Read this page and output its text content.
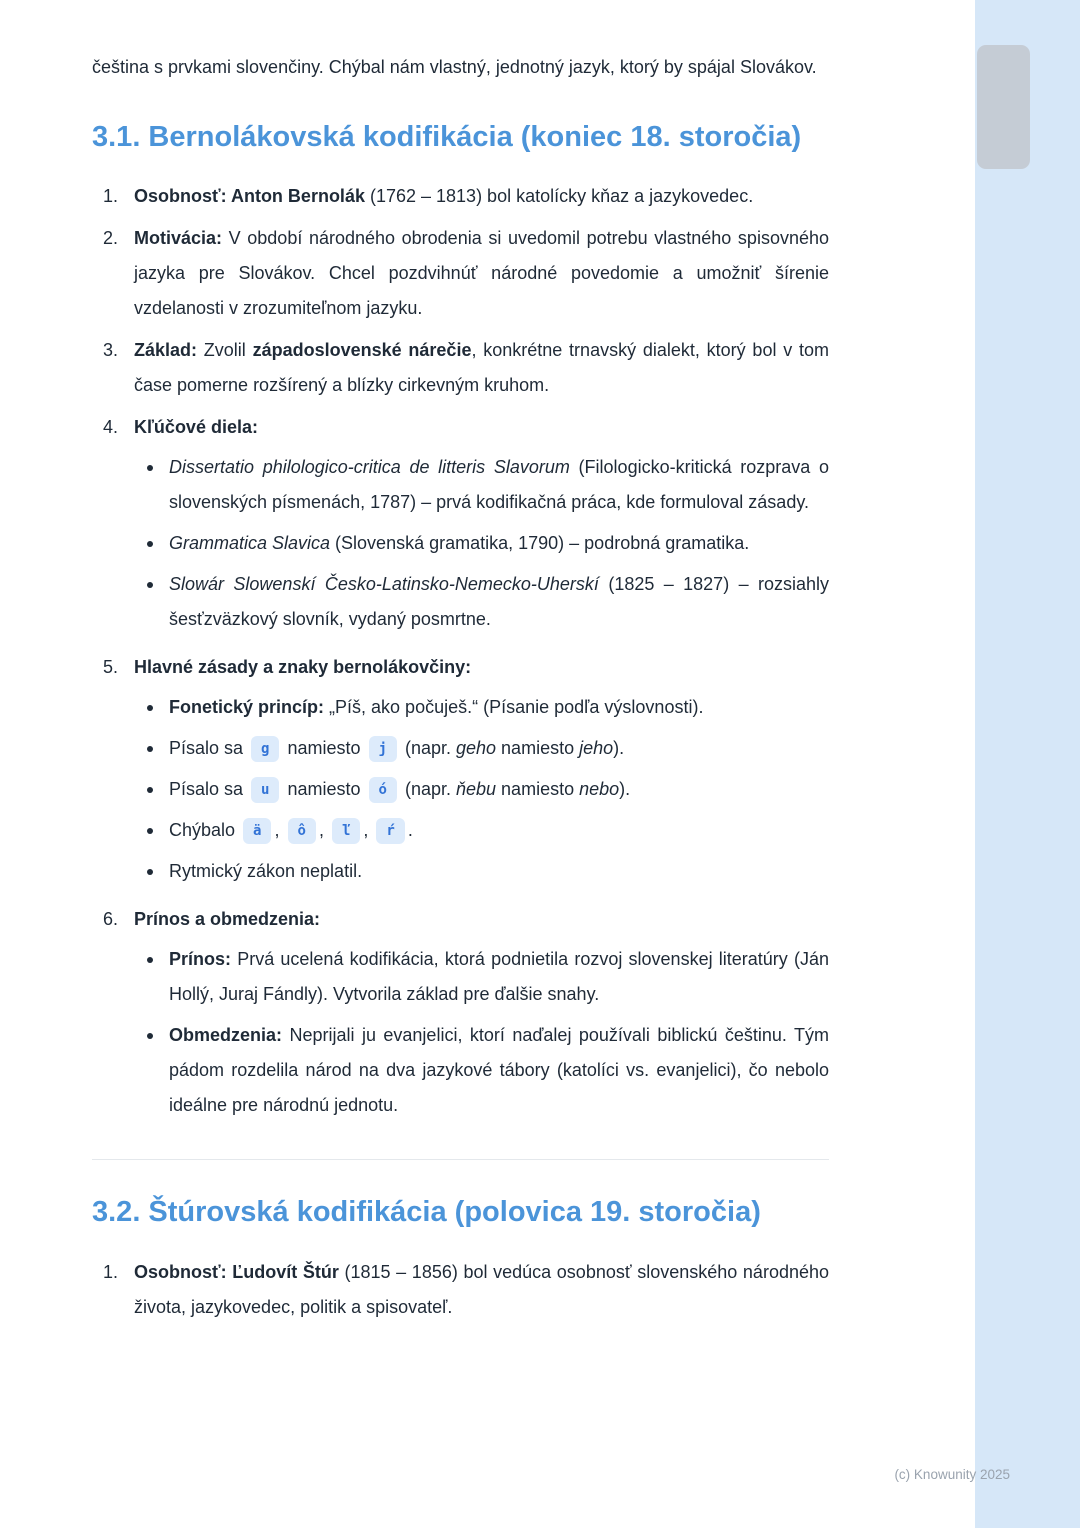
čeština s prvkami slovenčiny. Chýbal nám vlastný, jednotný jazyk, ktorý by spájal Slovákov.

3.1. Bernolákovská kodifikácia (koniec 18. storočia)
1. Osobnosť: Anton Bernolák (1762 – 1813) bol katolícky kňaz a jazykovedec.

2. Motivácia: V období národného obrodenia si uvedomil potrebu vlastného spisovného jazyka pre Slovákov. Chcel pozdvihnúť národné povedomie a umožniť šírenie vzdelanosti v zrozumiteľnom jazyku.

3. Základ: Zvolil západoslovenské nárečie, konkrétne trnavský dialekt, ktorý bol v tom čase pomerne rozšírený a blízky cirkevným kruhom.

4. Kľúčové diela:

Dissertatio philologico-critica de litteris Slavorum (Filologicko-kritická rozprava o slovenských písmenách, 1787) – prvá kodifikačná práca, kde formuloval zásady.

Grammatica Slavica (Slovenská gramatika, 1790) – podrobná gramatika.

Slowár Slowenskí Česko-Latinsko-Nemecko-Uherskí (1825 – 1827) – rozsiahly šesťzväzkový slovník, vydaný posmrtne.

5. Hlavné zásady a znaky bernolákovčiny:

Fonetický princíp: „Píš, ako počuješ.“ (Písanie podľa výslovnosti).

Písalo sa g namiesto j (napr. geho namiesto jeho).

Písalo sa u namiesto ó (napr. ňebu namiesto nebo).

Chýbalo ä , ô , ľ , ŕ .

Rytmický zákon neplatil.

6. Prínos a obmedzenia:

Prínos: Prvá ucelená kodifikácia, ktorá podnietila rozvoj slovenskej literatúry (Ján Hollý, Juraj Fándly). Vytvorila základ pre ďalšie snahy.

Obmedzenia: Neprijali ju evanjelici, ktorí naďalej používali biblickú češtinu. Tým pádom rozdelila národ na dva jazykové tábory (katolíci vs. evanjelici), čo nebolo ideálne pre národnú jednotu.

3.2. Štúrovská kodifikácia (polovica 19. storočia)
1. Osobnosť: Ľudovít Štúr (1815 – 1856) bol vedúca osobnosť slovenského národného života, jazykovedec, politik a spisovateľ.

(c) Knowunity 2025
